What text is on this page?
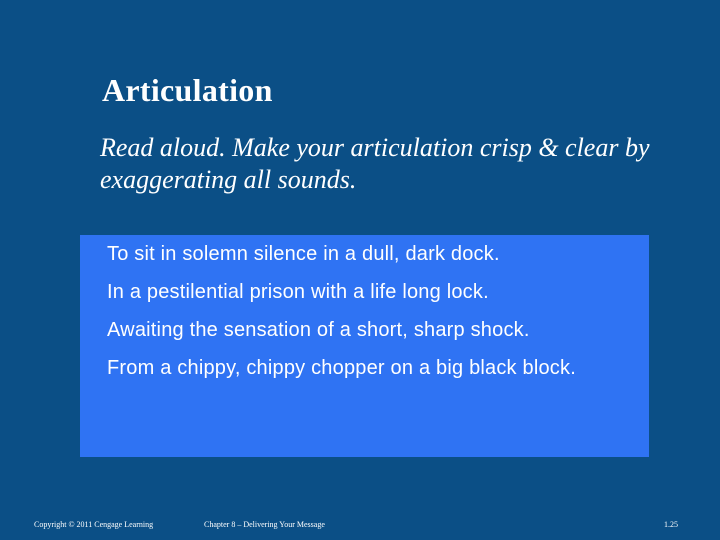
Articulation
Read aloud. Make your articulation crisp & clear by exaggerating all sounds.
To sit in solemn silence in a dull, dark dock.
In a pestilential prison with a life long lock.
Awaiting the sensation of a short, sharp shock.
From a chippy, chippy chopper on a big black block.
Copyright © 2011 Cengage Learning	Chapter 8 – Delivering Your Message	1.25
